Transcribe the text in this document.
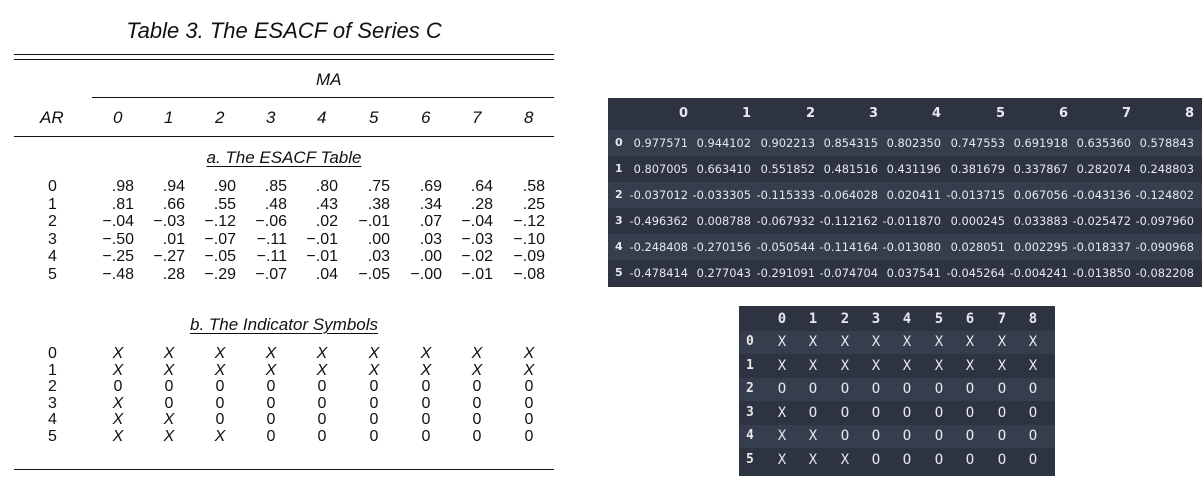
Table 3. The ESACF of Series C
MA
AR	0 1 2 3 4	5	6 7	8
a. The ESACF Table
0	.98	.94	.90	.85	.80	.75	.69	.64	.58
1	.81	.66	.55	.48	.43	.38	.34	.28	.25
2	−.04	−.03	−.12	−.06	.02	−.01	.07	−.04	−.12
3	−.50	.01	−.07	−.11	−.01	.00	.03	−.03	−.10
4	−.25	−.27	−.05	−.11	−.01	.03	.00	−.02	−.09
5	−.48	.28	−.29	−.07	.04	−.05	−.00	−.01	−.08
b. The Indicator Symbols
0	X	X	X	X	X	X	X	X	X
1	X	X	X	X	X	X	X	X	X
2	0	0	0	0	0	0	0	0	0
3	X	0	0	0	0	0	0	0	0
4	X	X	0	0	0	0	0	0	0
5	X	X	X	0	0	0	0	0	0
0	1	2	3	4	5	6	7	8
0 0.977571 0.944102 0.902213 0.854315 0.802350 0.747553 0.691918 0.635360 0.578843
1 0.807005 0.663410 0.551852 0.481516 0.431196 0.381679 0.337867 0.282074 0.248803
2 -0.037012 -0.033305 -0.115333 -0.064028 0.020411 -0.013715 0.067056 -0.043136 -0.124802
3 -0.496362 0.008788 -0.067932 -0.112162 -0.011870 0.000245 0.033883 -0.025472 -0.097960
4 -0.248408 -0.270156 -0.050544 -0.114164 -0.013080 0.028051 0.002295 -0.018337 -0.090968
5 -0.478414 0.277043 -0.291091 -0.074704 0.037541 -0.045264 -0.004241 -0.013850 -0.082208
0	1	2	3	4	5	6	7	8
0	X	X	X	X	X	X	X	X	X
1	X	X	X	X	X	X	X	X	X
2	O	O	O	O	O	O	O	O	O
3	X	O	O	O	O	O	O	O	O
4	X	X	O	O	O	O	O	O	O
5	X	X	X	O	O	O	O	O	O
